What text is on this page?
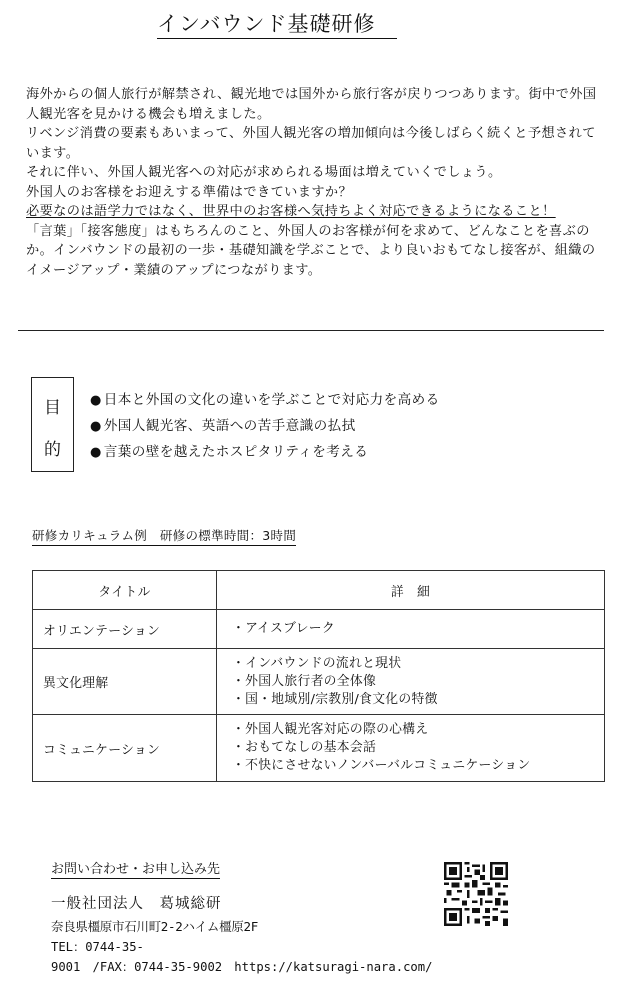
インバウンド基礎研修

海外からの個人旅行が解禁され、観光地では国外から旅行客が戻りつつあります。街中で外国人観光客を見かける機会も増えました。

リベンジ消費の要素もあいまって、外国人観光客の増加傾向は今後しばらく続くと予想されています。

それに伴い、外国人観光客への対応が求められる場面は増えていくでしょう。

外国人のお客様をお迎えする準備はできていますか？

必要なのは語学力ではなく、世界中のお客様へ気持ちよく対応できるようになること！

「言葉」「接客態度」はもちろんのこと、外国人のお客様が何を求めて、どんなことを喜ぶのか。インバウンドの最初の一歩・基礎知識を学ぶことで、より良いおもてなし接客が、組織のイメージアップ・業績のアップにつながります。

目
的
● 日本と外国の文化の違いを学ぶことで対応力を高める
● 外国人観光客、英語への苦手意識の払拭
● 言葉の壁を越えたホスピタリティを考える
研修カリキュラム例　研修の標準時間：3時間
タイトル	詳　細
オリエンテーション	・アイスブレーク

異文化理解	・インバウンドの流れと現状
・外国人旅行者の全体像
・国・地域別/宗教別/食文化の特徴

コミュニケーション	・外国人観光客対応の際の心構え
・おもてなしの基本会話
・不快にさせないノンバーバルコミュニケーション
お問い合わせ・お申し込み先
一般社団法人　葛城総研
奈良県橿原市石川町2-2ハイム橿原2F
TEL：0744-35-
9001　/FAX：0744-35-9002　https://katsuragi-nara.com/
